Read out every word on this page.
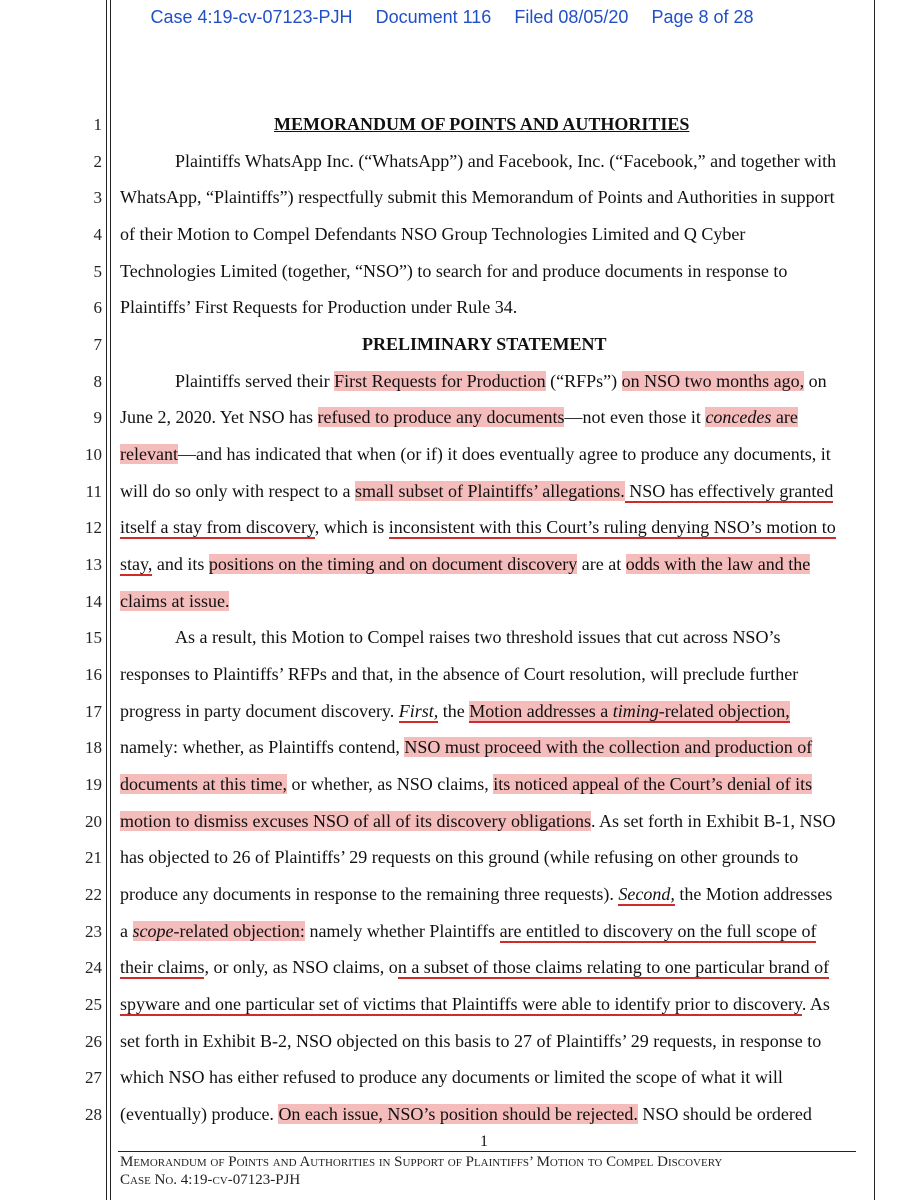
Case 4:19-cv-07123-PJH Document 116 Filed 08/05/20 Page 8 of 28
1
2
3
4
5
6
7
8
9
10
11
12
13
14
15
16
17
18
19
20
21
22
23
24
25
26
27
28
MEMORANDUM OF POINTS AND AUTHORITIES
Plaintiffs WhatsApp Inc. (“WhatsApp”) and Facebook, Inc. (“Facebook,” and together with
WhatsApp, “Plaintiffs”) respectfully submit this Memorandum of Points and Authorities in support
of their Motion to Compel Defendants NSO Group Technologies Limited and Q Cyber
Technologies Limited (together, “NSO”) to search for and produce documents in response to
Plaintiffs’ First Requests for Production under Rule 34.
PRELIMINARY STATEMENT
Plaintiffs served their First Requests for Production (“RFPs”) on NSO two months ago, on
June 2, 2020. Yet NSO has refused to produce any documents—not even those it concedes are
relevant—and has indicated that when (or if) it does eventually agree to produce any documents, it
will do so only with respect to a small subset of Plaintiffs’ allegations. NSO has effectively granted
itself a stay from discovery, which is inconsistent with this Court’s ruling denying NSO’s motion to
stay, and its positions on the timing and on document discovery are at odds with the law and the
claims at issue.
As a result, this Motion to Compel raises two threshold issues that cut across NSO’s
responses to Plaintiffs’ RFPs and that, in the absence of Court resolution, will preclude further
progress in party document discovery. First, the Motion addresses a timing-related objection,
namely: whether, as Plaintiffs contend, NSO must proceed with the collection and production of
documents at this time, or whether, as NSO claims, its noticed appeal of the Court’s denial of its
motion to dismiss excuses NSO of all of its discovery obligations. As set forth in Exhibit B-1, NSO
has objected to 26 of Plaintiffs’ 29 requests on this ground (while refusing on other grounds to
produce any documents in response to the remaining three requests). Second, the Motion addresses
a scope-related objection: namely whether Plaintiffs are entitled to discovery on the full scope of
their claims, or only, as NSO claims, on a subset of those claims relating to one particular brand of
spyware and one particular set of victims that Plaintiffs were able to identify prior to discovery. As
set forth in Exhibit B-2, NSO objected on this basis to 27 of Plaintiffs’ 29 requests, in response to
which NSO has either refused to produce any documents or limited the scope of what it will
(eventually) produce. On each issue, NSO’s position should be rejected. NSO should be ordered
1
Memorandum of Points and Authorities in Support of Plaintiffs’ Motion to Compel Discovery
Case No. 4:19-cv-07123-PJH
